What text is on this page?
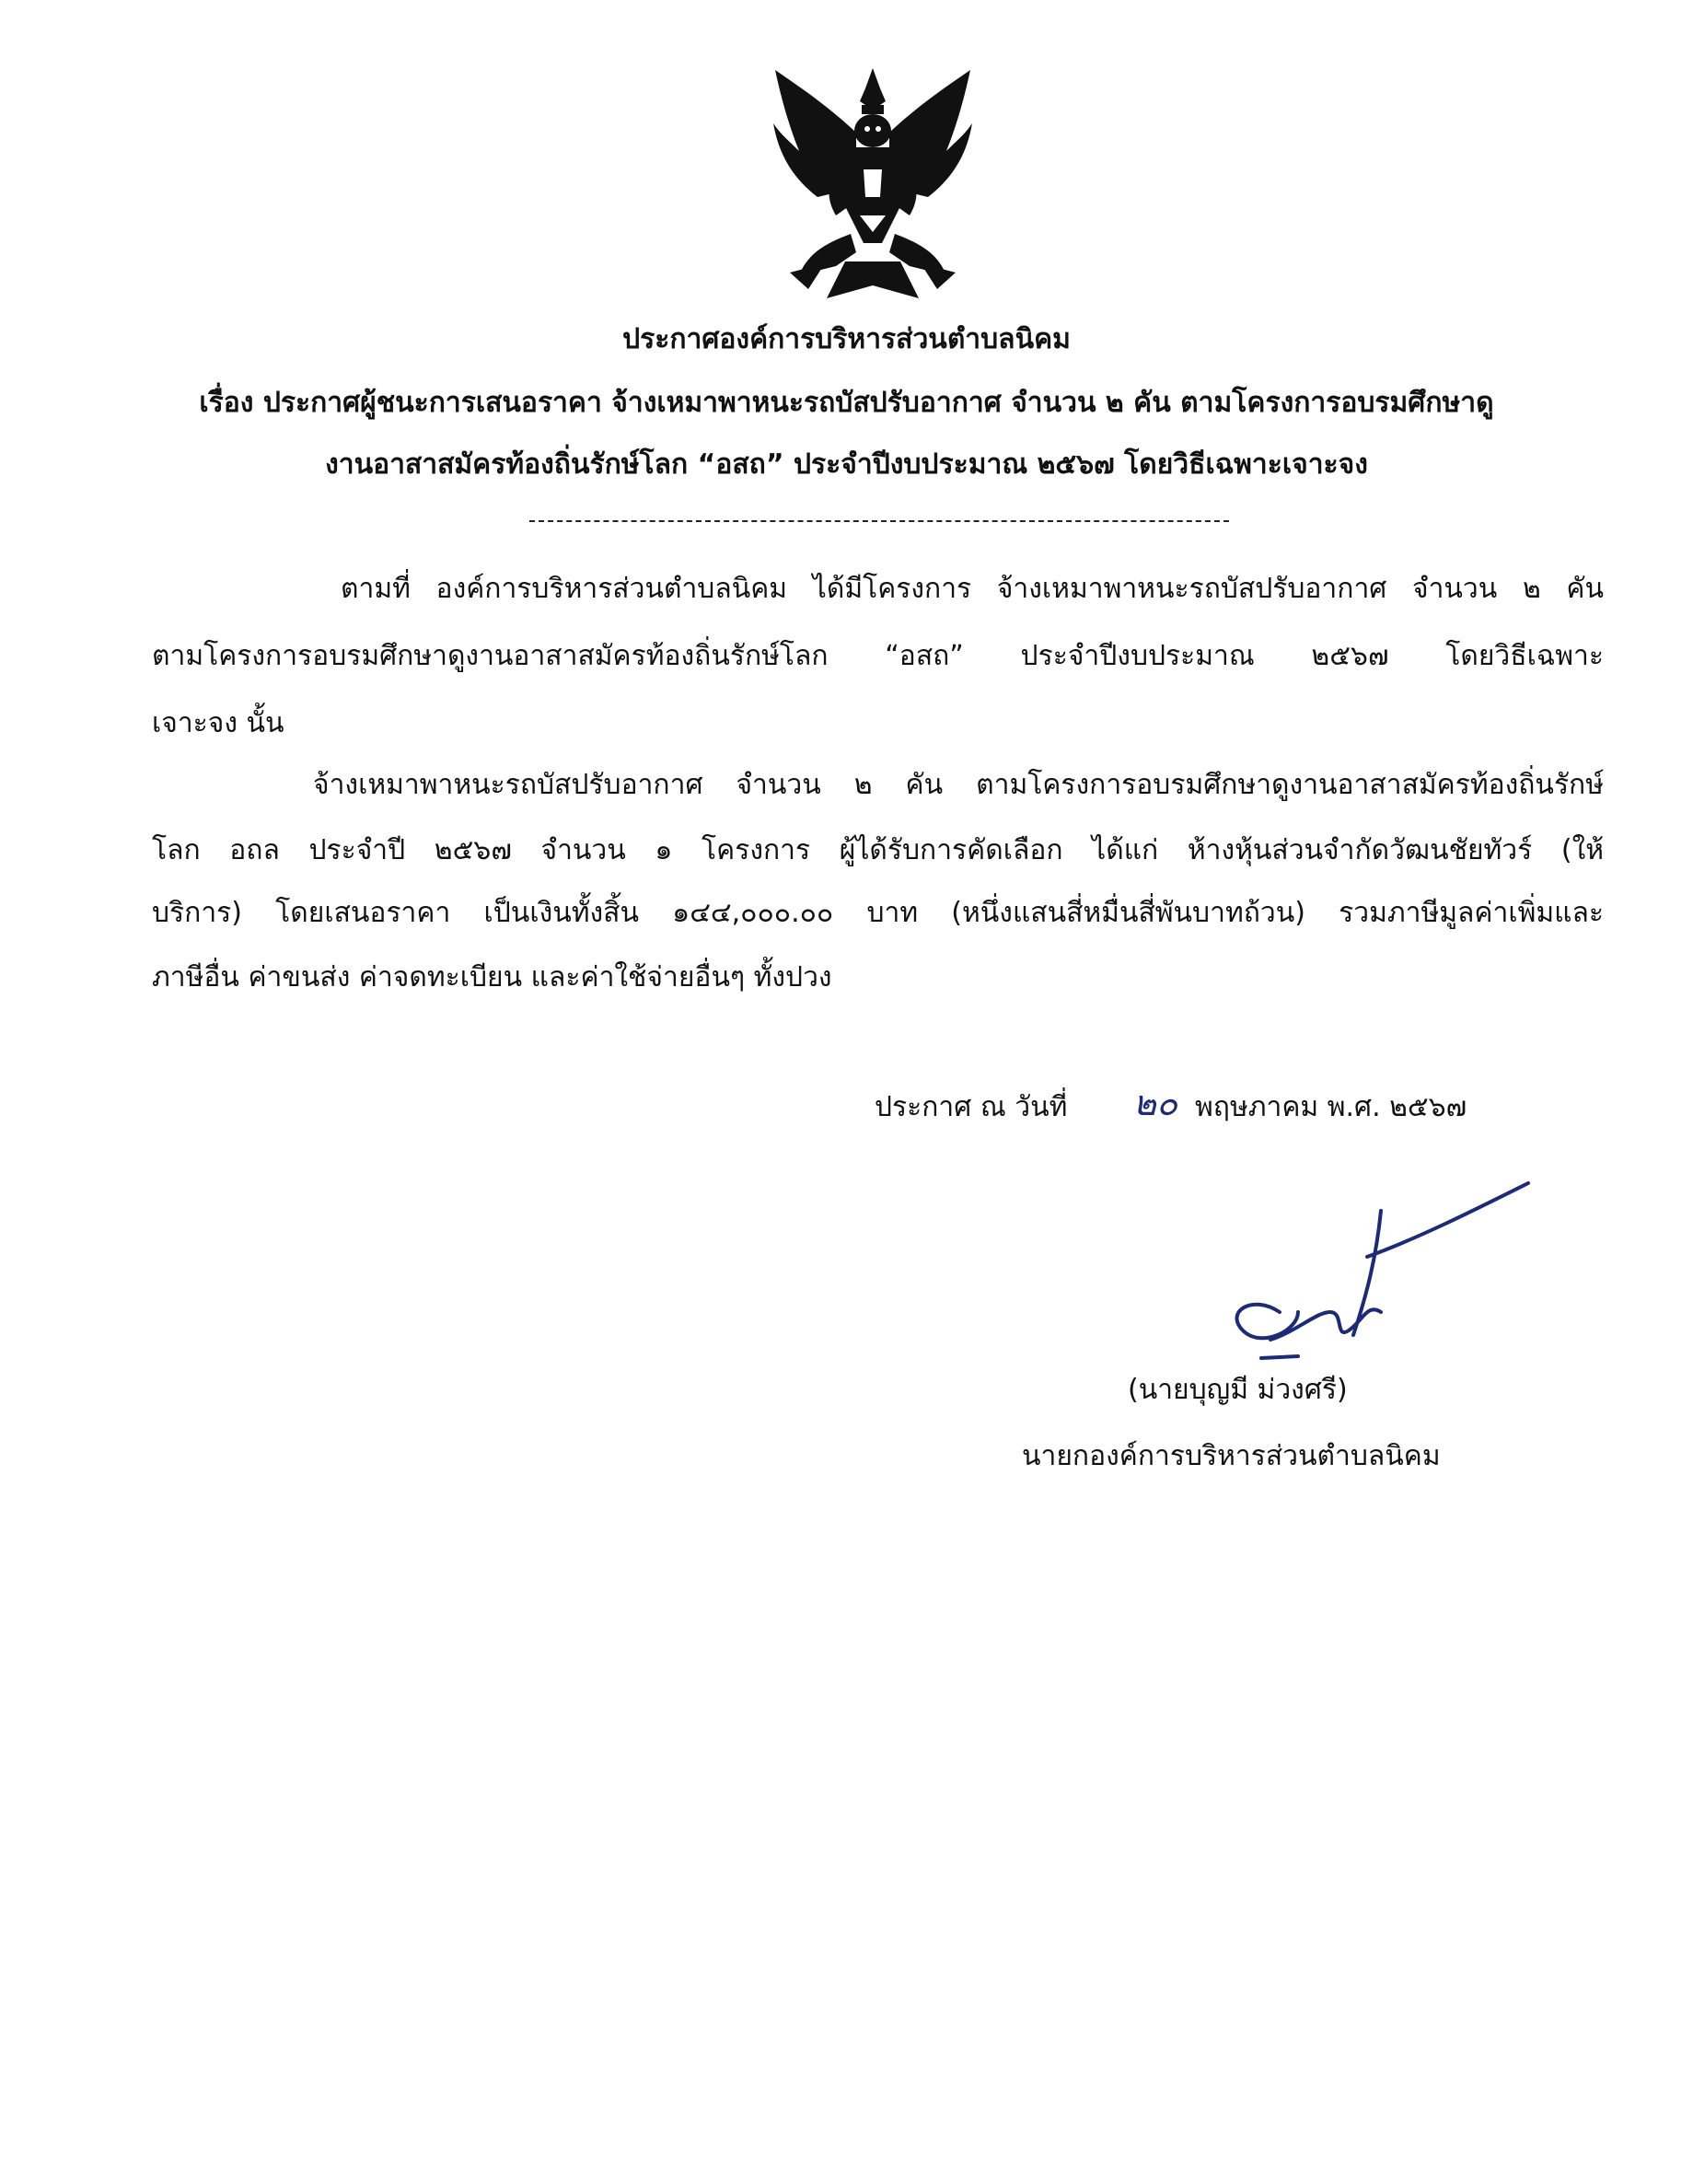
ประกาศองค์การบริหารส่วนตำบลนิคม
เรื่อง ประกาศผู้ชนะการเสนอราคา จ้างเหมาพาหนะรถบัสปรับอากาศ จำนวน ๒ คัน ตามโครงการอบรมศึกษาดู
งานอาสาสมัครท้องถิ่นรักษ์โลก “อสถ” ประจำปีงบประมาณ ๒๕๖๗ โดยวิธีเฉพาะเจาะจง
ตามที่ องค์การบริหารส่วนตำบลนิคม ได้มีโครงการ จ้างเหมาพาหนะรถบัสปรับอากาศ จำนวน ๒ คัน
ตามโครงการอบรมศึกษาดูงานอาสาสมัครท้องถิ่นรักษ์โลก “อสถ” ประจำปีงบประมาณ ๒๕๖๗ โดยวิธีเฉพาะ
เจาะจง นั้น
จ้างเหมาพาหนะรถบัสปรับอากาศ จำนวน ๒ คัน ตามโครงการอบรมศึกษาดูงานอาสาสมัครท้องถิ่นรักษ์
โลก อถล ประจำปี ๒๕๖๗ จำนวน ๑ โครงการ ผู้ได้รับการคัดเลือก ได้แก่ ห้างหุ้นส่วนจำกัดวัฒนชัยทัวร์ (ให้
บริการ) โดยเสนอราคา เป็นเงินทั้งสิ้น ๑๔๔,๐๐๐.๐๐ บาท (หนึ่งแสนสี่หมื่นสี่พันบาทถ้วน) รวมภาษีมูลค่าเพิ่มและ
ภาษีอื่น ค่าขนส่ง ค่าจดทะเบียน และค่าใช้จ่ายอื่นๆ ทั้งปวง
ประกาศ ณ วันที่	๒๐ พฤษภาคม พ.ศ. ๒๕๖๗
(นายบุญมี ม่วงศรี)
นายกองค์การบริหารส่วนตำบลนิคม
